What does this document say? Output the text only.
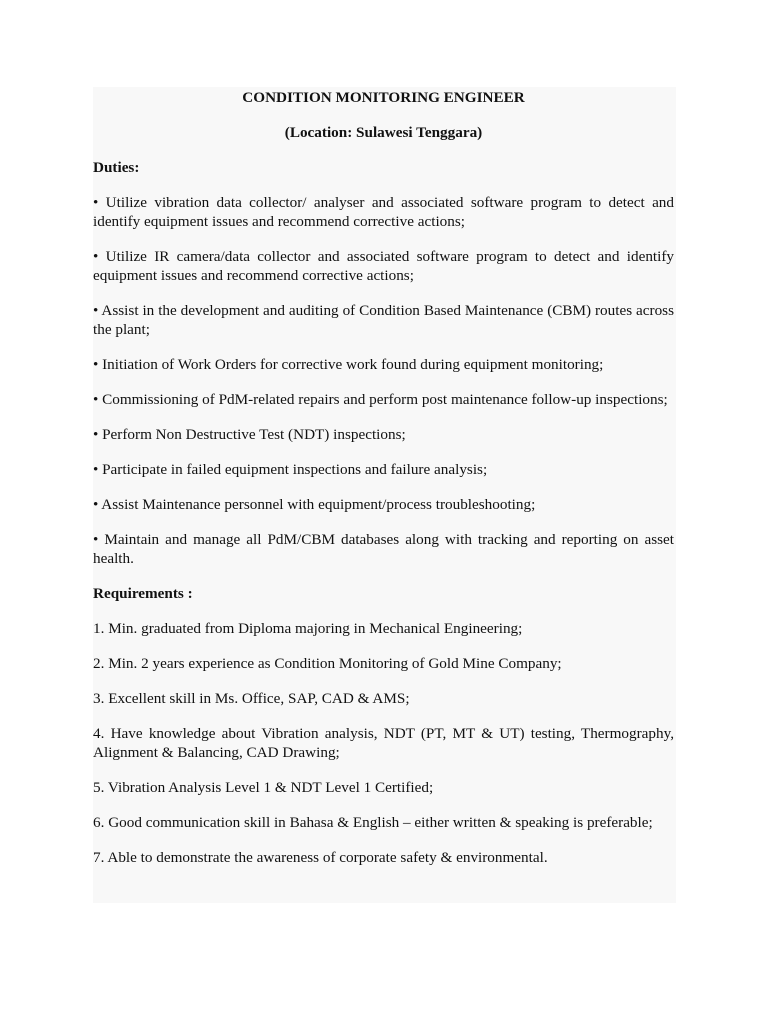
CONDITION MONITORING ENGINEER

(Location: Sulawesi Tenggara)

Duties:

• Utilize vibration data collector/ analyser and associated software program to detect and identify equipment issues and recommend corrective actions;

• Utilize IR camera/data collector and associated software program to detect and identify equipment issues and recommend corrective actions;

• Assist in the development and auditing of Condition Based Maintenance (CBM) routes across the plant;

• Initiation of Work Orders for corrective work found during equipment monitoring;

• Commissioning of PdM-related repairs and perform post maintenance follow-up inspections;

• Perform Non Destructive Test (NDT) inspections;

• Participate in failed equipment inspections and failure analysis;

• Assist Maintenance personnel with equipment/process troubleshooting;

• Maintain and manage all PdM/CBM databases along with tracking and reporting on asset health.

Requirements :

1. Min. graduated from Diploma majoring in Mechanical Engineering;

2. Min. 2 years experience as Condition Monitoring of Gold Mine Company;

3. Excellent skill in Ms. Office, SAP, CAD & AMS;

4. Have knowledge about Vibration analysis, NDT (PT, MT & UT) testing, Thermography, Alignment & Balancing, CAD Drawing;

5. Vibration Analysis Level 1 & NDT Level 1 Certified;

6. Good communication skill in Bahasa & English – either written & speaking is preferable;

7. Able to demonstrate the awareness of corporate safety & environmental.
